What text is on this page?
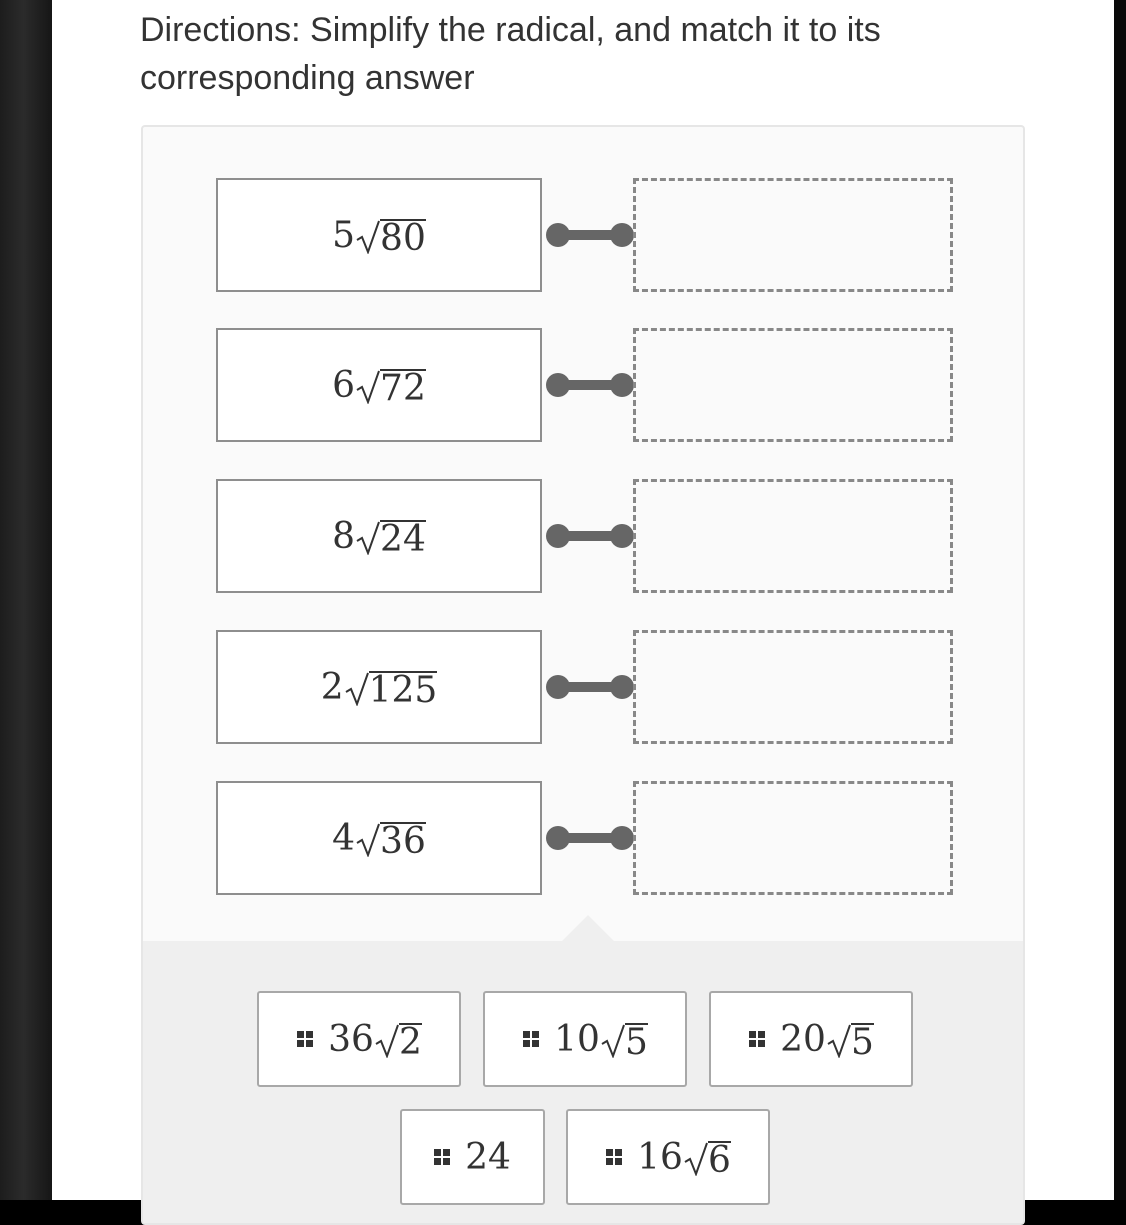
Directions: Simplify the radical, and match it to its corresponding answer
5 80
6 72
8 24
2 125
4 36
36 2	10 5	20 5
24	16 6
